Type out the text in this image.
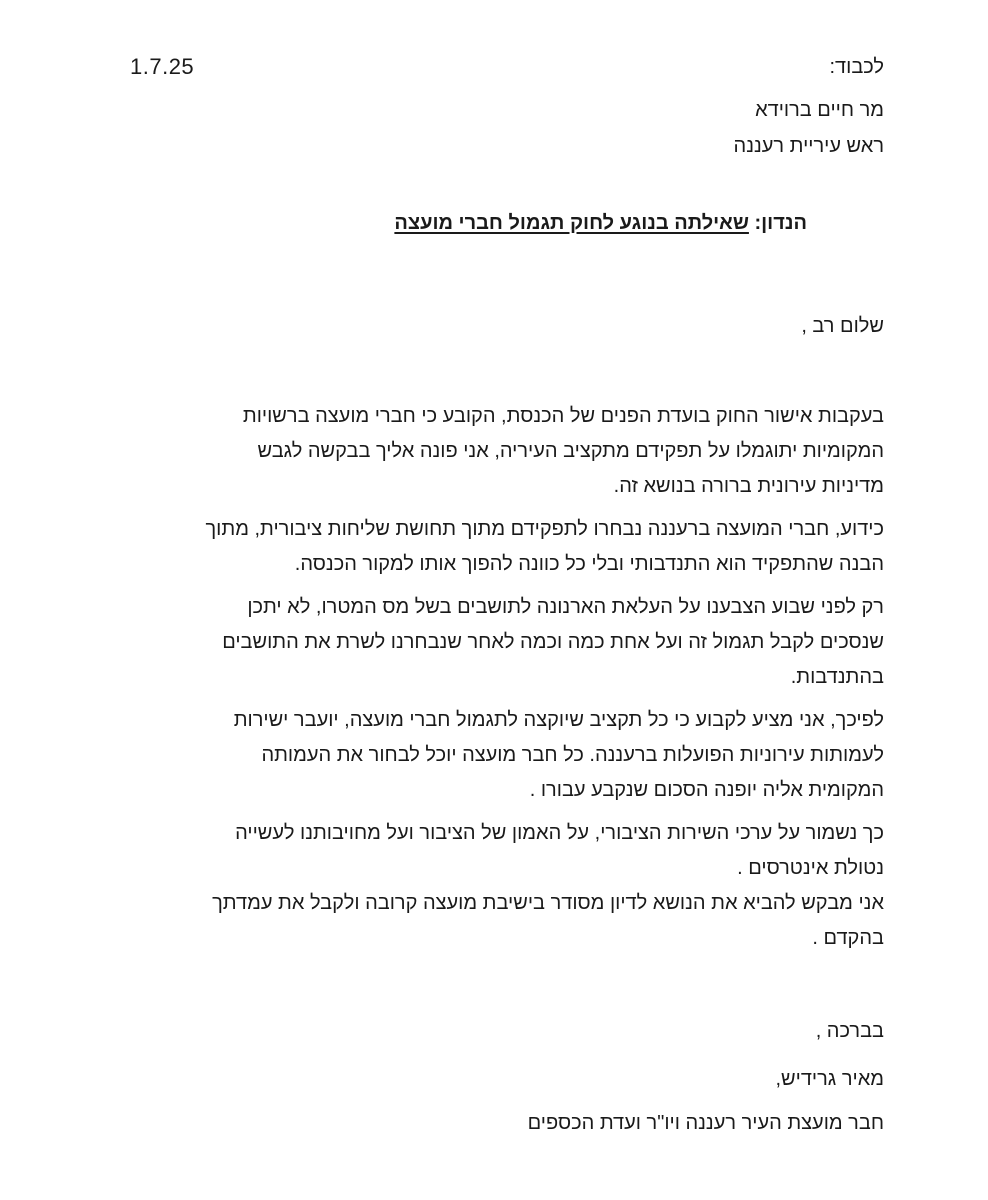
1.7.25	לכבוד:
מר חיים ברוידא
ראש עיריית רעננה
הנדון: שאילתה בנוגע לחוק תגמול חברי מועצה
שלום רב ,
בעקבות אישור החוק בועדת הפנים של הכנסת, הקובע כי חברי מועצה ברשויות
המקומיות יתוגמלו על תפקידם מתקציב העיריה, אני פונה אליך בבקשה לגבש
מדיניות עירונית ברורה בנושא זה.
כידוע, חברי המועצה ברעננה נבחרו לתפקידם מתוך תחושת שליחות ציבורית, מתוך
הבנה שהתפקיד הוא התנדבותי ובלי כל כוונה להפוך אותו למקור הכנסה.
רק לפני שבוע הצבענו על העלאת הארנונה לתושבים בשל מס המטרו, לא יתכן
שנסכים לקבל תגמול זה ועל אחת כמה וכמה לאחר שנבחרנו לשרת את התושבים
בהתנדבות.
לפיכך, אני מציע לקבוע כי כל תקציב שיוקצה לתגמול חברי מועצה, יועבר ישירות
לעמותות עירוניות הפועלות ברעננה. כל חבר מועצה יוכל לבחור את העמותה
המקומית אליה יופנה הסכום שנקבע עבורו .
כך נשמור על ערכי השירות הציבורי, על האמון של הציבור ועל מחויבותנו לעשייה
נטולת אינטרסים .
אני מבקש להביא את הנושא לדיון מסודר בישיבת מועצה קרובה ולקבל את עמדתך
בהקדם .
בברכה ,
מאיר גרידיש,
חבר מועצת העיר רעננה ויו"ר ועדת הכספים
